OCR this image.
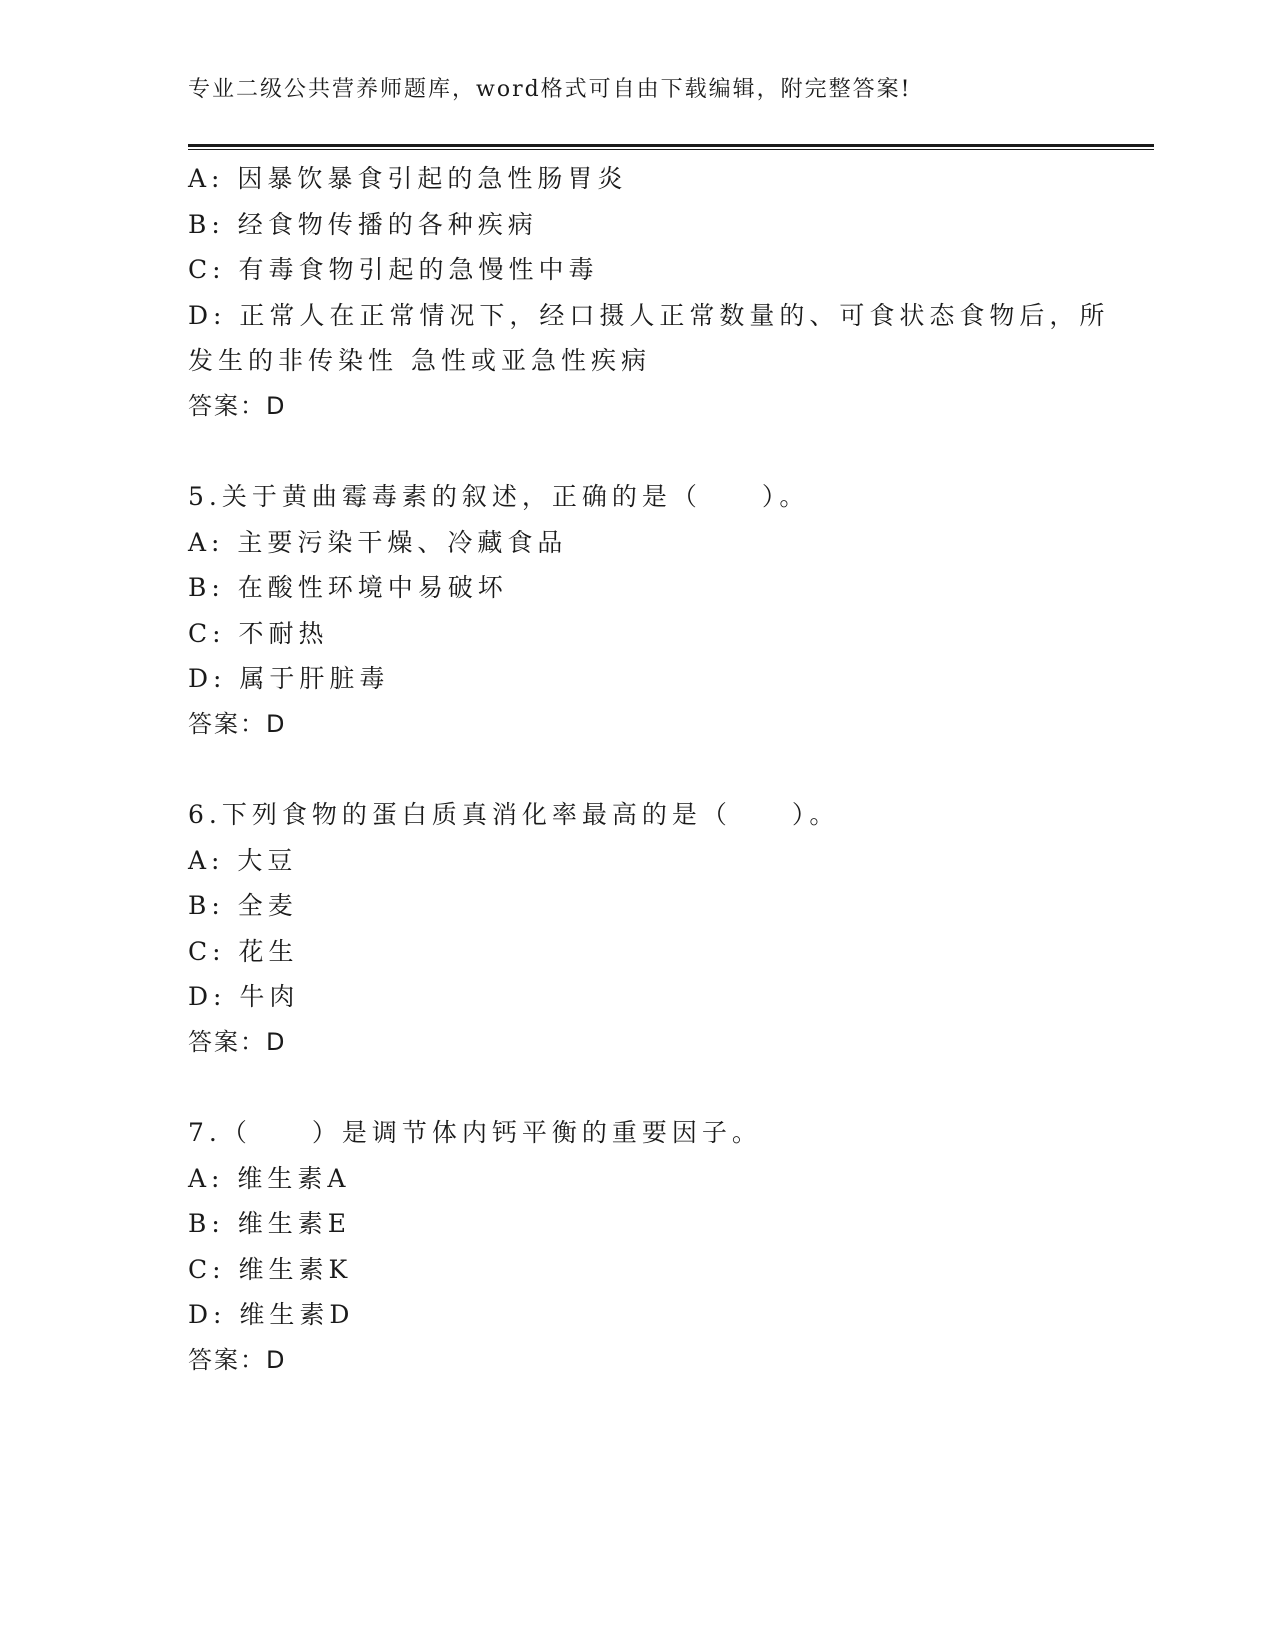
专业二级公共营养师题库，word格式可自由下载编辑，附完整答案!

A: 因暴饮暴食引起的急性肠胃炎

B: 经食物传播的各种疾病

C: 有毒食物引起的急慢性中毒

D: 正常人在正常情况下，经口摄人正常数量的、可食状态食物后，所

发生的非传染性 急性或亚急性疾病

答案：D

5.关于黄曲霉毒素的叙述，正确的是（　　）。

A: 主要污染干燥、冷藏食品

B: 在酸性环境中易破坏

C: 不耐热

D: 属于肝脏毒

答案：D

6.下列食物的蛋白质真消化率最高的是（　　）。

A: 大豆

B: 全麦

C: 花生

D: 牛肉

答案：D

7.（　　）是调节体内钙平衡的重要因子。

A: 维生素A

B: 维生素E

C: 维生素K

D: 维生素D

答案：D
